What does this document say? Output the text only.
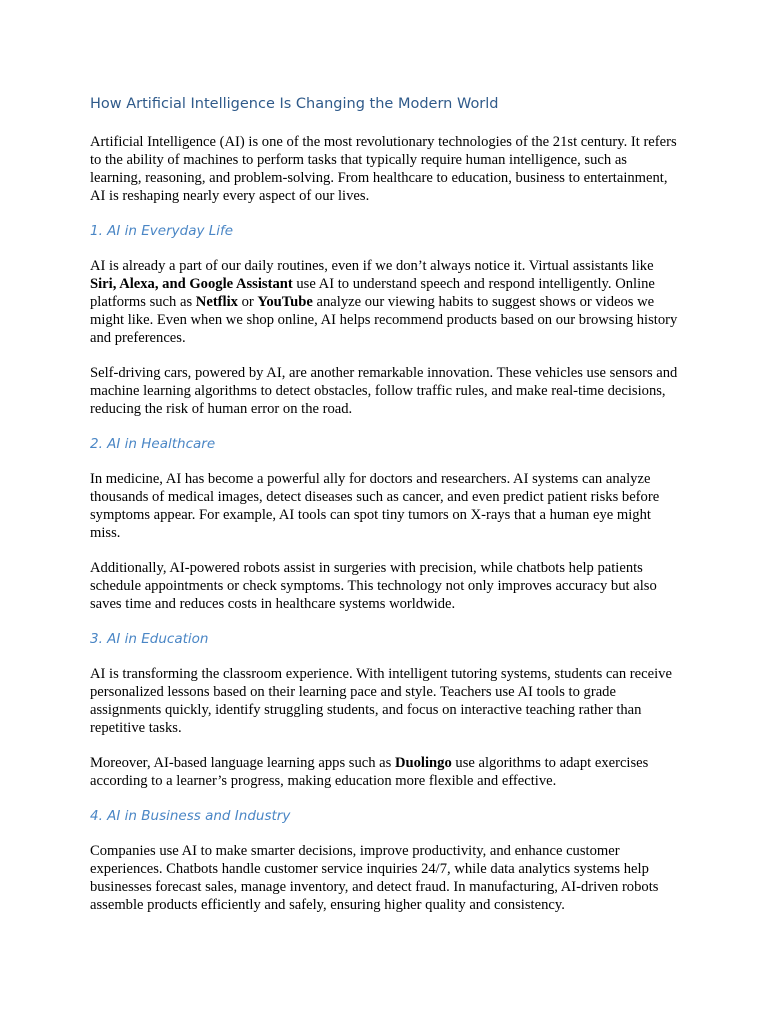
How Artificial Intelligence Is Changing the Modern World

Artificial Intelligence (AI) is one of the most revolutionary technologies of the 21st century. It refers to the ability of machines to perform tasks that typically require human intelligence, such as learning, reasoning, and problem-solving. From healthcare to education, business to entertainment, AI is reshaping nearly every aspect of our lives.

1. AI in Everyday Life

AI is already a part of our daily routines, even if we don’t always notice it. Virtual assistants like Siri, Alexa, and Google Assistant use AI to understand speech and respond intelligently. Online platforms such as Netflix or YouTube analyze our viewing habits to suggest shows or videos we might like. Even when we shop online, AI helps recommend products based on our browsing history and preferences.

Self-driving cars, powered by AI, are another remarkable innovation. These vehicles use sensors and machine learning algorithms to detect obstacles, follow traffic rules, and make real-time decisions, reducing the risk of human error on the road.

2. AI in Healthcare

In medicine, AI has become a powerful ally for doctors and researchers. AI systems can analyze thousands of medical images, detect diseases such as cancer, and even predict patient risks before symptoms appear. For example, AI tools can spot tiny tumors on X-rays that a human eye might miss.

Additionally, AI-powered robots assist in surgeries with precision, while chatbots help patients schedule appointments or check symptoms. This technology not only improves accuracy but also saves time and reduces costs in healthcare systems worldwide.

3. AI in Education

AI is transforming the classroom experience. With intelligent tutoring systems, students can receive personalized lessons based on their learning pace and style. Teachers use AI tools to grade assignments quickly, identify struggling students, and focus on interactive teaching rather than repetitive tasks.

Moreover, AI-based language learning apps such as Duolingo use algorithms to adapt exercises according to a learner’s progress, making education more flexible and effective.

4. AI in Business and Industry

Companies use AI to make smarter decisions, improve productivity, and enhance customer experiences. Chatbots handle customer service inquiries 24/7, while data analytics systems help businesses forecast sales, manage inventory, and detect fraud. In manufacturing, AI-driven robots assemble products efficiently and safely, ensuring higher quality and consistency.
